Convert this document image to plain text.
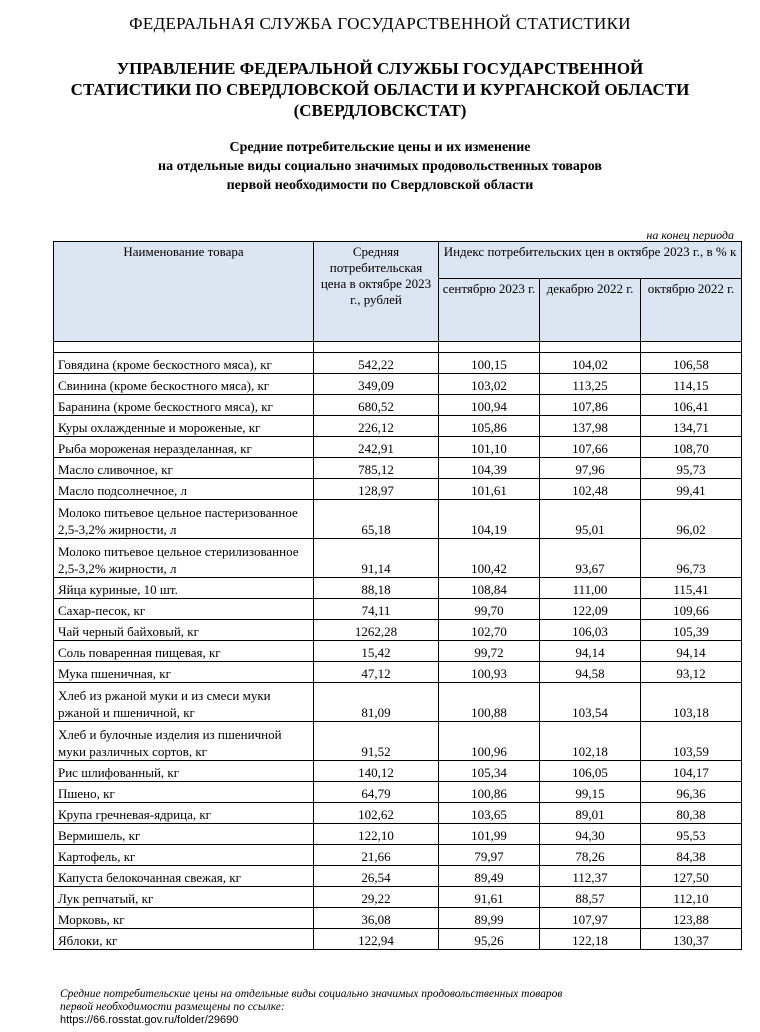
ФЕДЕРАЛЬНАЯ СЛУЖБА ГОСУДАРСТВЕННОЙ СТАТИСТИКИ
УПРАВЛЕНИЕ ФЕДЕРАЛЬНОЙ СЛУЖБЫ ГОСУДАРСТВЕННОЙ
СТАТИСТИКИ ПО СВЕРДЛОВСКОЙ ОБЛАСТИ И КУРГАНСКОЙ ОБЛАСТИ
(СВЕРДЛОВСКСТАТ)
Средние потребительские цены и их изменение
на отдельные виды социально значимых продовольственных товаров
первой необходимости по Свердловской области
на конец периода
Наименование товара	Средняя потребительская цена в октябре 2023 г., рублей	Индекс потребительских цен в октябре 2023 г., в % к		
		сентябрю 2023 г.	декабрю 2022 г.	октябрю 2022 г.

Говядина (кроме бескостного мяса), кг	542,22	100,15	104,02	106,58
Свинина (кроме бескостного мяса), кг	349,09	103,02	113,25	114,15
Баранина (кроме бескостного мяса), кг	680,52	100,94	107,86	106,41
Куры охлажденные и мороженые, кг	226,12	105,86	137,98	134,71
Рыба мороженая неразделанная, кг	242,91	101,10	107,66	108,70
Масло сливочное, кг	785,12	104,39	97,96	95,73
Масло подсолнечное, л	128,97	101,61	102,48	99,41
Молоко питьевое цельное пастеризованное 2,5-3,2% жирности, л	65,18	104,19	95,01	96,02
Молоко питьевое цельное стерилизованное 2,5-3,2% жирности, л	91,14	100,42	93,67	96,73
Яйца куриные, 10 шт.	88,18	108,84	111,00	115,41
Сахар-песок, кг	74,11	99,70	122,09	109,66
Чай черный байховый, кг	1262,28	102,70	106,03	105,39
Соль поваренная пищевая, кг	15,42	99,72	94,14	94,14
Мука пшеничная, кг	47,12	100,93	94,58	93,12
Хлеб из ржаной муки и из смеси муки ржаной и пшеничной, кг	81,09	100,88	103,54	103,18
Хлеб и булочные изделия из пшеничной муки различных сортов, кг	91,52	100,96	102,18	103,59
Рис шлифованный, кг	140,12	105,34	106,05	104,17
Пшено, кг	64,79	100,86	99,15	96,36
Крупа гречневая-ядрица, кг	102,62	103,65	89,01	80,38
Вермишель, кг	122,10	101,99	94,30	95,53
Картофель, кг	21,66	79,97	78,26	84,38
Капуста белокочанная свежая, кг	26,54	89,49	112,37	127,50
Лук репчатый, кг	29,22	91,61	88,57	112,10
Морковь, кг	36,08	89,99	107,97	123,88
Яблоки, кг	122,94	95,26	122,18	130,37
Средние потребительские цены на отдельные виды социально значимых продовольственных товаров
первой необходимости размещены по ссылке:
https://66.rosstat.gov.ru/folder/29690
